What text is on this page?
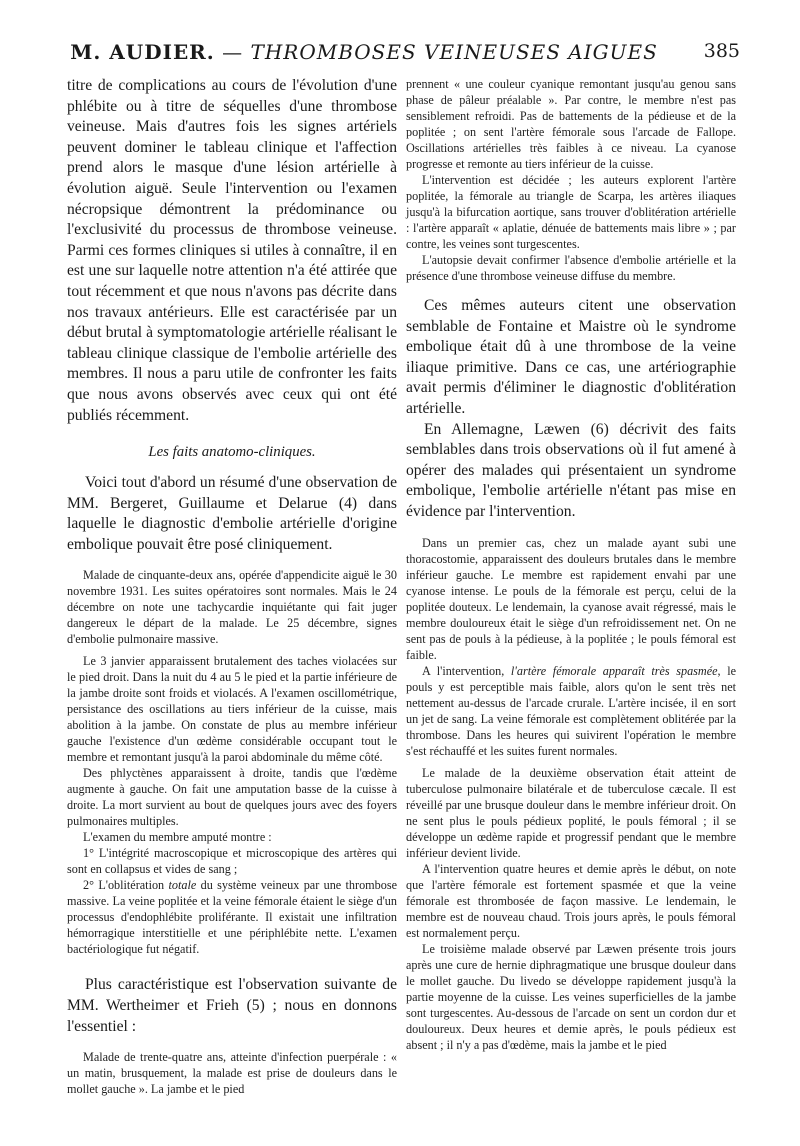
M. AUDIER. — THROMBOSES VEINEUSES AIGUES 385

titre de complications au cours de l'évolution d'une phlébite ou à titre de séquelles d'une thrombose veineuse. Mais d'autres fois les signes artériels peuvent dominer le tableau clinique et l'affection prend alors le masque d'une lésion artérielle à évolution aiguë. Seule l'intervention ou l'examen nécropsique démontrent la prédominance ou l'exclusivité du processus de thrombose veineuse. Parmi ces formes cliniques si utiles à connaître, il en est une sur laquelle notre attention n'a été attirée que tout récemment et que nous n'avons pas décrite dans nos travaux antérieurs. Elle est caractérisée par un début brutal à symptomatologie artérielle réalisant le tableau clinique classique de l'embolie artérielle des membres. Il nous a paru utile de confronter les faits que nous avons observés avec ceux qui ont été publiés récemment.

Les faits anatomo-cliniques.

Voici tout d'abord un résumé d'une observation de MM. Bergeret, Guillaume et Delarue (4) dans laquelle le diagnostic d'embolie artérielle d'origine embolique pouvait être posé cliniquement.

Malade de cinquante-deux ans, opérée d'appendicite aiguë le 30 novembre 1931. Les suites opératoires sont normales. Mais le 24 décembre on note une tachycardie inquiétante qui fait juger dangereux le départ de la malade. Le 25 décembre, signes d'embolie pulmonaire massive.

Le 3 janvier apparaissent brutalement des taches violacées sur le pied droit. Dans la nuit du 4 au 5 le pied et la partie inférieure de la jambe droite sont froids et violacés. A l'examen oscillométrique, persistance des oscillations au tiers inférieur de la cuisse, mais abolition à la jambe. On constate de plus au membre inférieur gauche l'existence d'un œdème considérable occupant tout le membre et remontant jusqu'à la paroi abdominale du même côté.

Des phlyctènes apparaissent à droite, tandis que l'œdème augmente à gauche. On fait une amputation basse de la cuisse à droite. La mort survient au bout de quelques jours avec des foyers pulmonaires multiples.

L'examen du membre amputé montre :

1° L'intégrité macroscopique et microscopique des artères qui sont en collapsus et vides de sang ;

2° L'oblitération totale du système veineux par une thrombose massive. La veine poplitée et la veine fémorale étaient le siège d'un processus d'endophlébite proliférante. Il existait une infiltration hémorragique interstitielle et une périphlébite nette. L'examen bactériologique fut négatif.

Plus caractéristique est l'observation suivante de MM. Wertheimer et Frieh (5) ; nous en donnons l'essentiel :

Malade de trente-quatre ans, atteinte d'infection puerpérale : « un matin, brusquement, la malade est prise de douleurs dans le mollet gauche ». La jambe et le pied

prennent « une couleur cyanique remontant jusqu'au genou sans phase de pâleur préalable ». Par contre, le membre n'est pas sensiblement refroidi. Pas de battements de la pédieuse et de la poplitée ; on sent l'artère fémorale sous l'arcade de Fallope. Oscillations artérielles très faibles à ce niveau. La cyanose progresse et remonte au tiers inférieur de la cuisse.

L'intervention est décidée ; les auteurs explorent l'artère poplitée, la fémorale au triangle de Scarpa, les artères iliaques jusqu'à la bifurcation aortique, sans trouver d'oblitération artérielle : l'artère apparaît « aplatie, dénuée de battements mais libre » ; par contre, les veines sont turgescentes.

L'autopsie devait confirmer l'absence d'embolie artérielle et la présence d'une thrombose veineuse diffuse du membre.

Ces mêmes auteurs citent une observation semblable de Fontaine et Maistre où le syndrome embolique était dû à une thrombose de la veine iliaque primitive. Dans ce cas, une artériographie avait permis d'éliminer le diagnostic d'oblitération artérielle.

En Allemagne, Læwen (6) décrivit des faits semblables dans trois observations où il fut amené à opérer des malades qui présentaient un syndrome embolique, l'embolie artérielle n'étant pas mise en évidence par l'intervention.

Dans un premier cas, chez un malade ayant subi une thoracostomie, apparaissent des douleurs brutales dans le membre inférieur gauche. Le membre est rapidement envahi par une cyanose intense. Le pouls de la fémorale est perçu, celui de la poplitée douteux. Le lendemain, la cyanose avait régressé, mais le membre douloureux était le siège d'un refroidissement net. On ne sent pas de pouls à la pédieuse, à la poplitée ; le pouls fémoral est faible.

A l'intervention, l'artère fémorale apparaît très spasmée, le pouls y est perceptible mais faible, alors qu'on le sent très net nettement au-dessus de l'arcade crurale. L'artère incisée, il en sort un jet de sang. La veine fémorale est complètement oblitérée par la thrombose. Dans les heures qui suivirent l'opération le membre s'est réchauffé et les suites furent normales.

Le malade de la deuxième observation était atteint de tuberculose pulmonaire bilatérale et de tuberculose cæcale. Il est réveillé par une brusque douleur dans le membre inférieur droit. On ne sent plus le pouls pédieux poplité, le pouls fémoral ; il se développe un œdème rapide et progressif pendant que le membre inférieur devient livide.

A l'intervention quatre heures et demie après le début, on note que l'artère fémorale est fortement spasmée et que la veine fémorale est thrombosée de façon massive. Le lendemain, le membre est de nouveau chaud. Trois jours après, le pouls fémoral est normalement perçu.

Le troisième malade observé par Læwen présente trois jours après une cure de hernie diphragmatique une brusque douleur dans le mollet gauche. Du livedo se développe rapidement jusqu'à la partie moyenne de la cuisse. Les veines superficielles de la jambe sont turgescentes. Au-dessous de l'arcade on sent un cordon dur et douloureux. Deux heures et demie après, le pouls pédieux est absent ; il n'y a pas d'œdème, mais la jambe et le pied
